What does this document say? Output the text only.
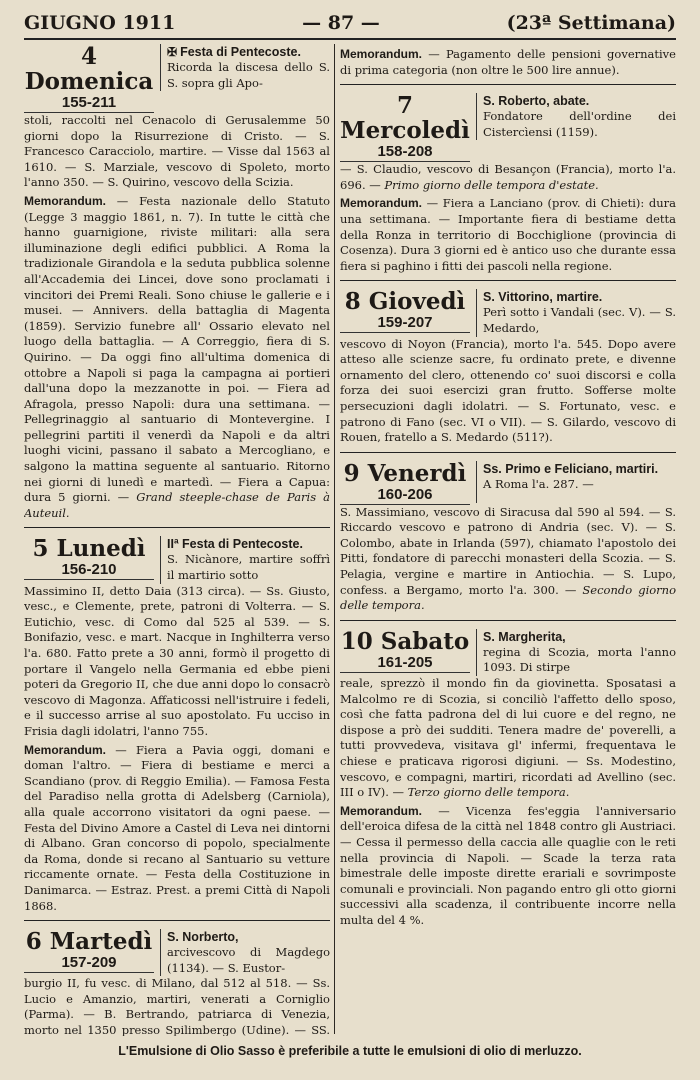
GIUGNO 1911	— 87 —	(23ª Settimana)
4 Domenica
155-211
✠ Festa di Pentecoste.

Ricorda la discesa dello S. S. sopra gli Apo-

stoli, raccolti nel Cenacolo di Gerusalemme 50 giorni dopo la Risurrezione di Cristo. — S. Francesco Caracciolo, martire. — Visse dal 1563 al 1610. — S. Marziale, vescovo di Spoleto, morto l'anno 350. — S. Quirino, vescovo della Scizia.

Memorandum. — Festa nazionale dello Statuto (Legge 3 maggio 1861, n. 7). In tutte le città che hanno guarnigione, riviste militari: alla sera illuminazione degli edifici pubblici. A Roma la tradizionale Girandola e la seduta pubblica solenne all'Accademia dei Lincei, dove sono proclamati i vincitori dei Premi Reali. Sono chiuse le gallerie e i musei. — Annivers. della battaglia di Magenta (1859). Servizio funebre all' Ossario elevato nel luogo della battaglia. — A Correggio, fiera di S. Quirino. — Da oggi fino all'ultima domenica di ottobre a Napoli si paga la campagna ai portieri dall'una dopo la mezzanotte in poi. — Fiera ad Afragola, presso Napoli: dura una settimana. — Pellegrinaggio al santuario di Montevergine. I pellegrini partiti il venerdì da Napoli e da altri luoghi vicini, passano il sabato a Mercogliano, e salgono la mattina seguente al santuario. Ritorno nei giorni di lunedì e martedì. — Fiera a Capua: dura 5 giorni. — Grand steeple-chase de Paris à Auteuil.

5 Lunedì
156-210
IIª Festa di Pentecoste.

S. Nicànore, martire soffrì il martirio sotto

Massimino II, detto Daia (313 circa). — Ss. Giusto, vesc., e Clemente, prete, patroni di Volterra. — S. Eutichio, vesc. di Como dal 525 al 539. — S. Bonifazio, vesc. e mart. Nacque in Inghilterra verso l'a. 680. Fatto prete a 30 anni, formò il progetto di portare il Vangelo nella Germania ed ebbe pieni poteri da Gregorio II, che due anni dopo lo consacrò vescovo di Magonza. Affaticossi nell'istruire i fedeli, e il successo arrise al suo apostolato. Fu ucciso in Frisia dagli idolatri, l'anno 755.

Memorandum. — Fiera a Pavia oggi, domani e doman l'altro. — Fiera di bestiame e merci a Scandiano (prov. di Reggio Emilia). — Famosa Festa del Paradiso nella grotta di Adelsberg (Carniola), alla quale accorrono visitatori da ogni paese. — Festa del Divino Amore a Castel di Leva nei dintorni di Albano. Gran concorso di popolo, specialmente da Roma, donde si recano al Santuario su vetture riccamente ornate. — Festa della Costituzione in Danimarca. — Estraz. Prest. a premi Città di Napoli 1868.

6 Martedì
157-209
S. Norberto,

arcivescovo di Magdego (1134). — S. Eustor-

burgio II, fu vesc. di Milano, dal 512 al 518. — Ss. Lucio e Amanzio, martiri, venerati a Corniglio (Parma). — B. Bertrando, patriarca di Venezia, morto nel 1350 presso Spilimbergo (Udine). — SS.

Memorandum. — Pagamento delle pensioni governative di prima categoria (non oltre le 500 lire annue).

7 Mercoledì
158-208
S. Roberto, abate.

Fondatore dell'ordine dei Cistercìensi (1159).

— S. Claudio, vescovo di Besançon (Francia), morto l'a. 696. — Primo giorno delle tempora d'estate.

Memorandum. — Fiera a Lanciano (prov. di Chieti): dura una settimana. — Importante fiera di bestiame detta della Ronza in territorio di Bocchiglione (provincia di Cosenza). Dura 3 giorni ed è antico uso che durante essa fiera si paghino i fitti dei pascoli nella regione.

8 Giovedì
159-207
S. Vittorino, martire.

Perì sotto i Vandali (sec. V). — S. Medardo,

vescovo di Noyon (Francia), morto l'a. 545. Dopo avere atteso alle scienze sacre, fu ordinato prete, e divenne ornamento del clero, ottenendo co' suoi discorsi e colla forza dei suoi esercizi gran frutto. Sofferse molte persecuzioni dagli idolatri. — S. Fortunato, vesc. e patrono di Fano (sec. VI o VII). — S. Gilardo, vescovo di Rouen, fratello a S. Medardo (511?).

9 Venerdì
160-206
Ss. Primo e Feliciano, martiri.

A Roma l'a. 287. —

S. Massimiano, vescovo di Siracusa dal 590 al 594. — S. Riccardo vescovo e patrono di Andria (sec. V). — S. Colombo, abate in Irlanda (597), chiamato l'apostolo dei Pitti, fondatore di parecchi monasteri della Scozia. — S. Pelagia, vergine e martire in Antiochia. — S. Lupo, confess. a Bergamo, morto l'a. 300. — Secondo giorno delle tempora.

10 Sabato
161-205
S. Margherita,

regina di Scozia, morta l'anno 1093. Di stirpe

reale, sprezzò il mondo fin da giovinetta. Sposatasi a Malcolmo re di Scozia, si conciliò l'affetto dello sposo, così che fatta padrona del di lui cuore e del regno, ne dispose a prò dei sudditi. Tenera madre de' poverelli, a tutti provvedeva, visitava gl' infermi, frequentava le chiese e praticava rigorosi digiuni. — Ss. Modestino, vescovo, e compagni, martiri, ricordati ad Avellino (sec. III o IV). — Terzo giorno delle tempora.

Memorandum. — Vicenza fes'eggia l'anniversario dell'eroica difesa de la città nel 1848 contro gli Austriaci. — Cessa il permesso della caccia alle quaglie con le reti nella provincia di Napoli. — Scade la terza rata bimestrale delle imposte dirette erariali e sovrimposte comunali e provinciali. Non pagando entro gli otto giorni successivi alla scadenza, il contribuente incorre nella multa del 4 %.

L'Emulsione di Olio Sasso è preferibile a tutte le emulsioni di olio di merluzzo.
